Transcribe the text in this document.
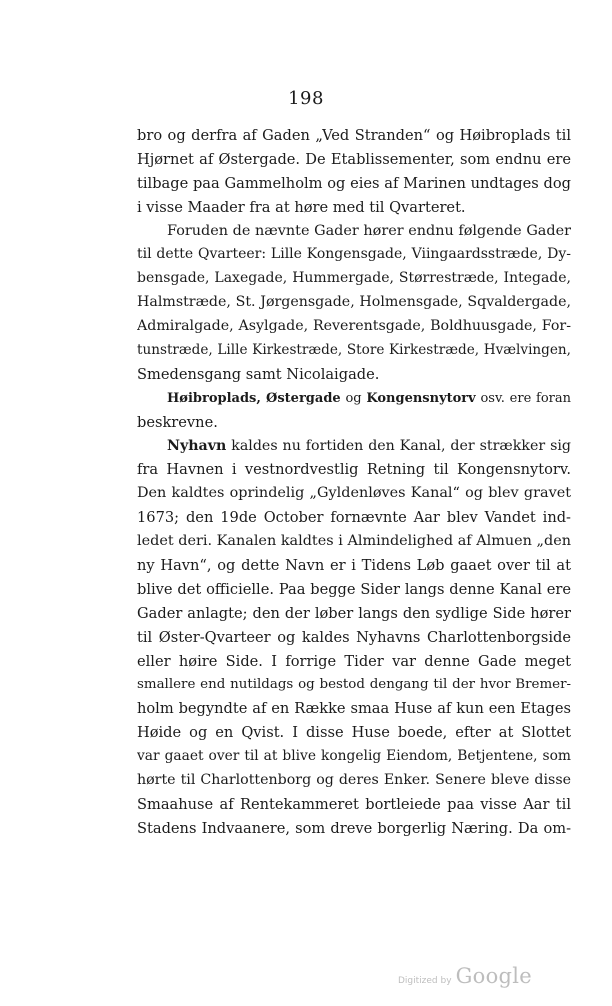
198
bro og derfra af Gaden „Ved Stranden“ og Høibroplads til
Hjørnet af Østergade. De Etablissementer, som endnu ere
tilbage paa Gammelholm og eies af Marinen undtages dog
i visse Maader fra at høre med til Qvarteret.
Foruden de nævnte Gader hører endnu følgende Gader
til dette Qvarteer: Lille Kongensgade, Viingaardsstræde, Dy-
bensgade, Laxegade, Hummergade, Størrestræde, Integade,
Halmstræde, St. Jørgensgade, Holmensgade, Sqvaldergade,
Admiralgade, Asylgade, Reverentsgade, Boldhuusgade, For-
tunstræde, Lille Kirkestræde, Store Kirkestræde, Hvælvingen,
Smedensgang samt Nicolaigade.
Høibroplads, Østergade og Kongensnytorv osv. ere foran
beskrevne.
Nyhavn kaldes nu fortiden den Kanal, der strækker sig
fra Havnen i vestnordvestlig Retning til Kongensnytorv.
Den kaldtes oprindelig „Gyldenløves Kanal“ og blev gravet
1673; den 19de October fornævnte Aar blev Vandet ind-
ledet deri. Kanalen kaldtes i Almindelighed af Almuen „den
ny Havn“, og dette Navn er i Tidens Løb gaaet over til at
blive det officielle. Paa begge Sider langs denne Kanal ere
Gader anlagte; den der løber langs den sydlige Side hører
til Øster-Qvarteer og kaldes Nyhavns Charlottenborgside
eller høire Side. I forrige Tider var denne Gade meget
smallere end nutildags og bestod dengang til der hvor Bremer-
holm begyndte af en Række smaa Huse af kun een Etages
Høide og en Qvist. I disse Huse boede, efter at Slottet
var gaaet over til at blive kongelig Eiendom, Betjentene, som
hørte til Charlottenborg og deres Enker. Senere bleve disse
Smaahuse af Rentekammeret bortleiede paa visse Aar til
Stadens Indvaanere, som drevе borgerlig Næring. Da om-
Digitized by Google
